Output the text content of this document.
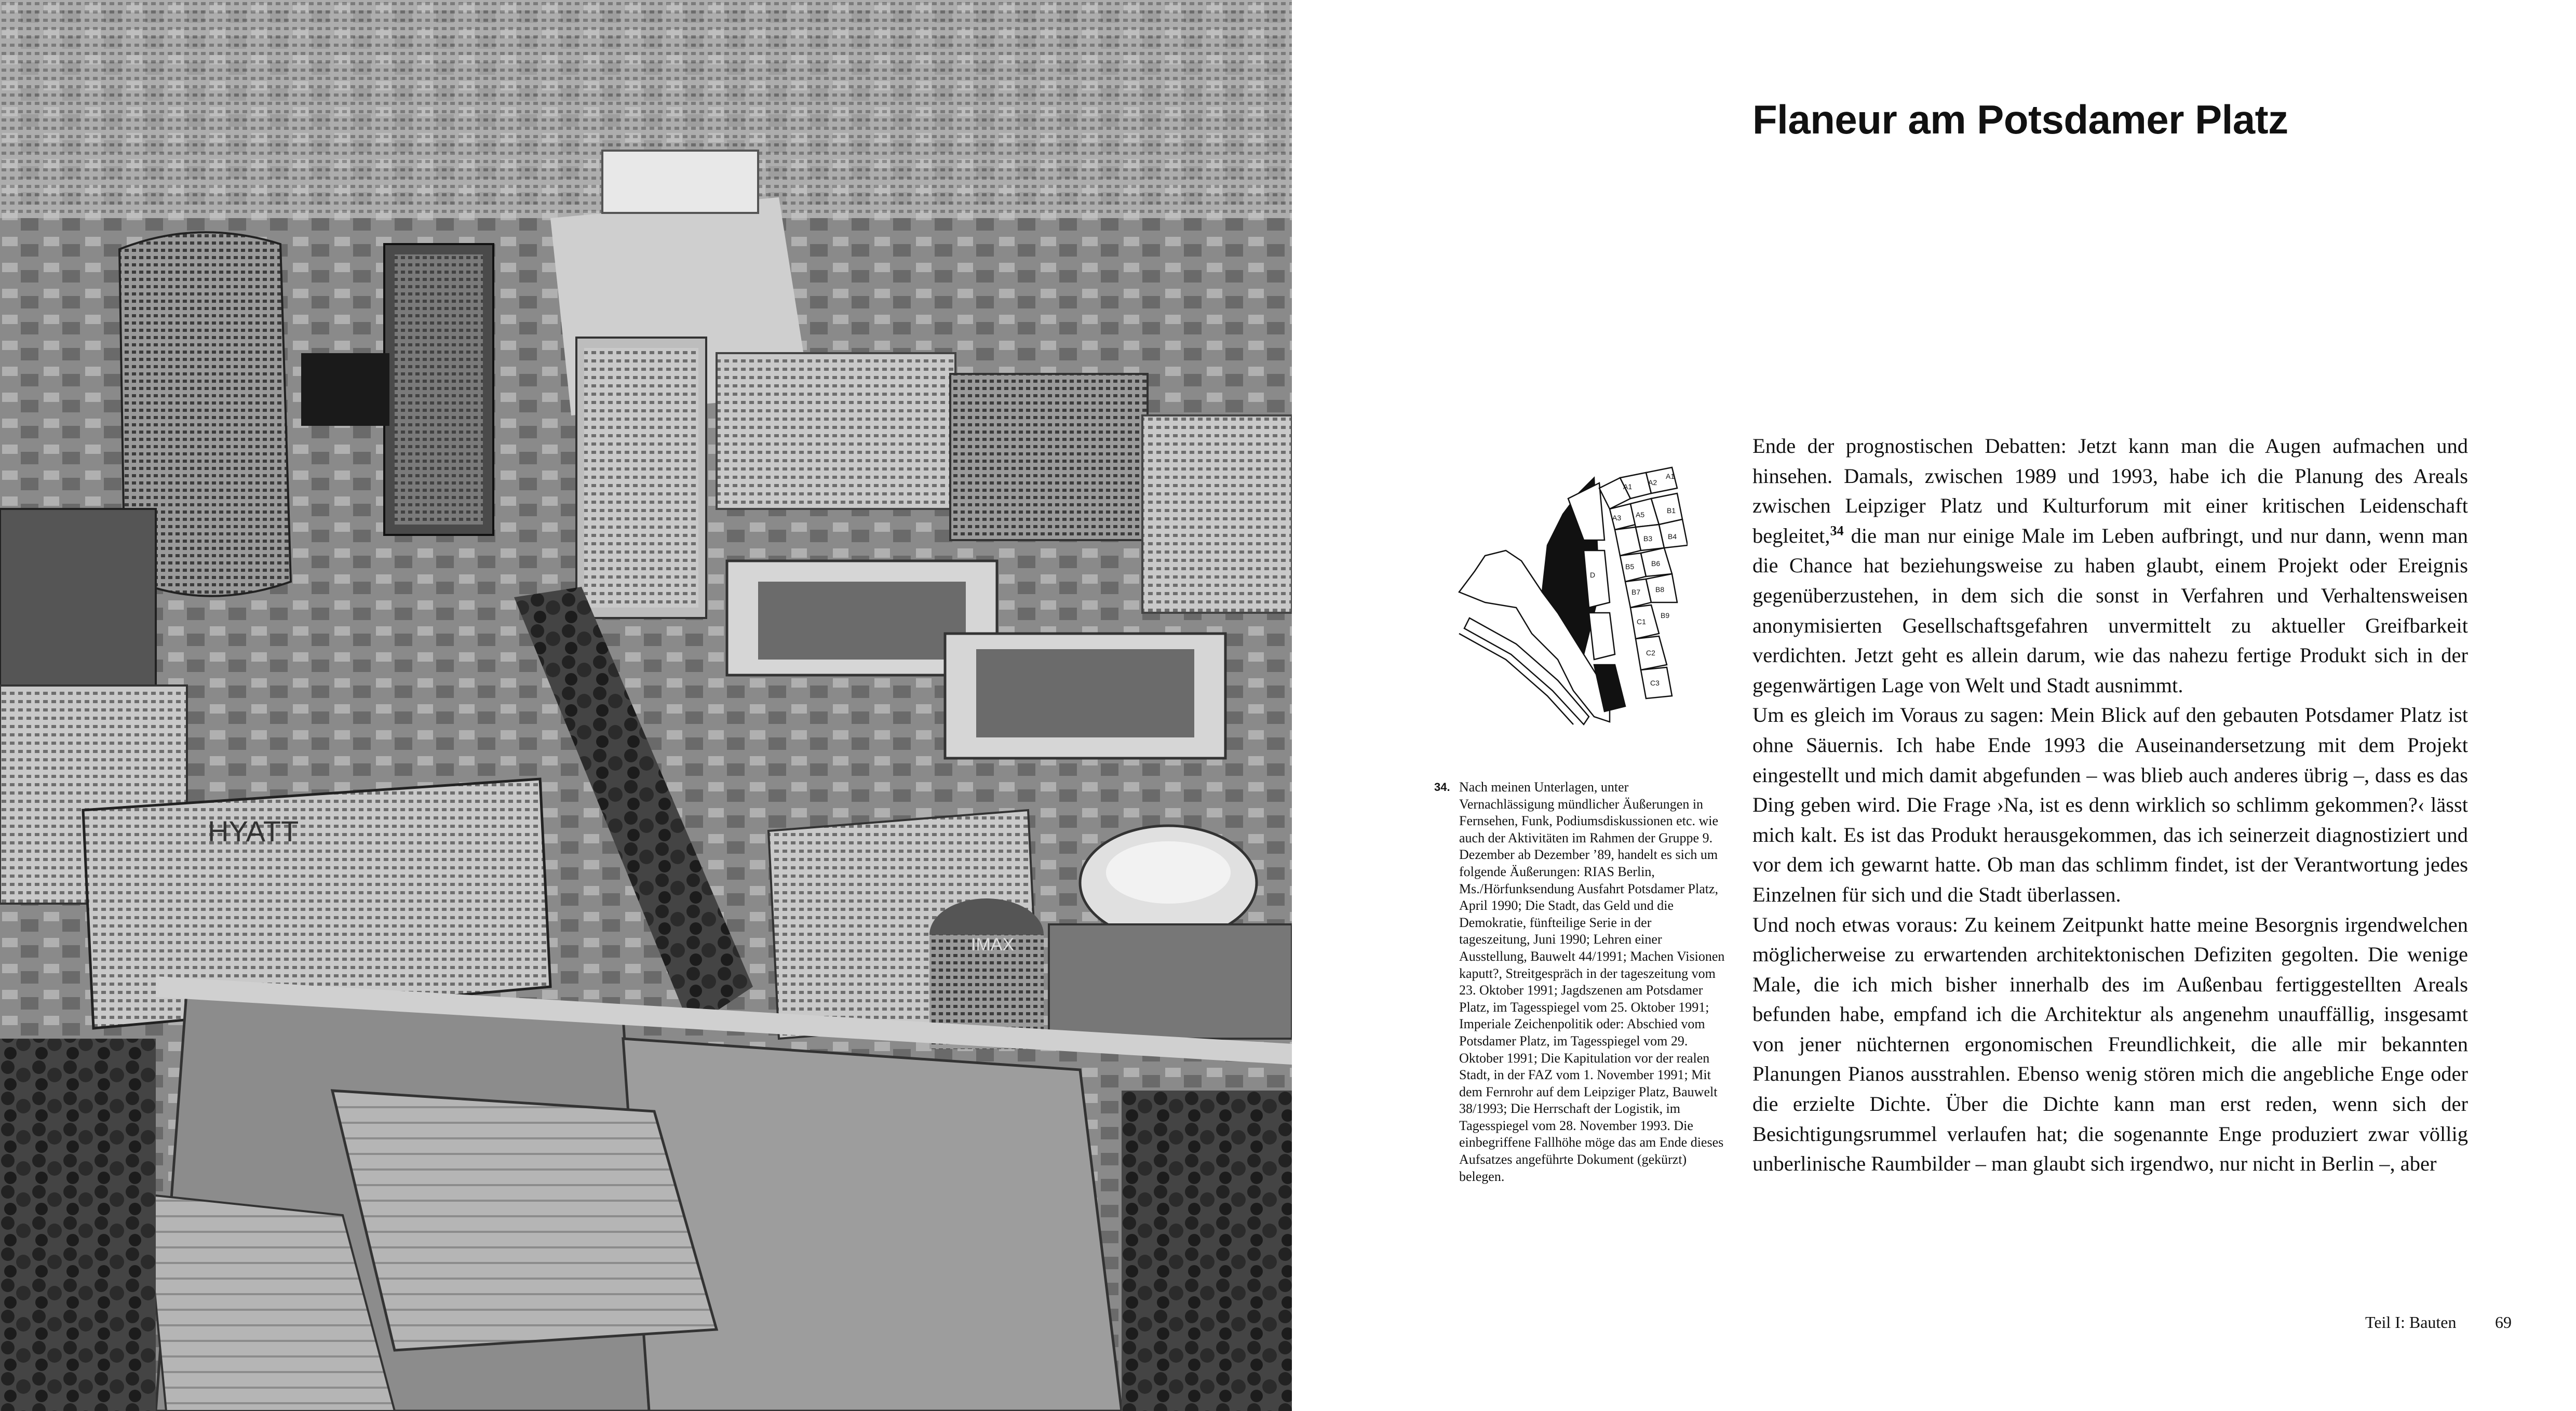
HYATT
IMAX
Flaneur am Potsdamer Platz
A1 A2
A1
A3 A5	B1
B3 B4
B5 B6
B7 B8
D
C1
B9
C2
C3
34. Nach meinen Unterlagen, unter Vernachlässigung mündlicher Äußerungen in Fernsehen, Funk, Podiumsdiskussionen etc. wie auch der Aktivitäten im Rahmen der Gruppe 9. Dezember ab Dezember ’89, handelt es sich um folgende Äußerungen: RIAS Berlin, Ms./Hörfunksendung Ausfahrt Potsdamer Platz, April 1990; Die Stadt, das Geld und die Demokratie, fünfteilige Serie in der tageszeitung, Juni 1990; Lehren einer Ausstellung, Bauwelt 44/1991; Machen Visionen kaputt?, Streitgespräch in der tageszeitung vom 23. Oktober 1991; Jagdszenen am Potsdamer Platz, im Tagesspiegel vom 25. Oktober 1991; Imperiale Zeichenpolitik oder: Abschied vom Potsdamer Platz, im Tagesspiegel vom 29. Oktober 1991; Die Kapitulation vor der realen Stadt, in der FAZ vom 1. November 1991; Mit dem Fernrohr auf dem Leipziger Platz, Bauwelt 38/1993; Die Herrschaft der Logistik, im Tagesspiegel vom 28. November 1993. Die einbegriffene Fallhöhe möge das am Ende dieses Aufsatzes angeführte Dokument (gekürzt) belegen.

Ende der prognostischen Debatten: Jetzt kann man die Augen aufmachen und hinsehen. Damals, zwischen 1989 und 1993, habe ich die Planung des Areals zwischen Leipziger Platz und Kulturforum mit einer kritischen Leidenschaft begleitet,$^{34}$ die man nur einige Male im Leben aufbringt, und nur dann, wenn man die Chance hat beziehungsweise zu haben glaubt, einem Projekt oder Ereignis gegenüberzustehen, in dem sich die sonst in Verfahren und Verhaltensweisen anonymisierten Gesellschaftsgefahren unvermittelt zu aktueller Greifbarkeit verdichten. Jetzt geht es allein darum, wie das nahezu fertige Produkt sich in der gegenwärtigen Lage von Welt und Stadt ausnimmt.

Um es gleich im Voraus zu sagen: Mein Blick auf den gebauten Potsdamer Platz ist ohne Säuernis. Ich habe Ende 1993 die Auseinandersetzung mit dem Projekt eingestellt und mich damit abgefunden – was blieb auch anderes übrig –, dass es das Ding geben wird. Die Frage ›Na, ist es denn wirklich so schlimm gekommen?‹ lässt mich kalt. Es ist das Produkt herausgekommen, das ich seinerzeit diagnostiziert und vor dem ich gewarnt hatte. Ob man das schlimm findet, ist der Verantwortung jedes Einzelnen für sich und die Stadt überlassen.

Und noch etwas voraus: Zu keinem Zeitpunkt hatte meine Besorgnis irgendwelchen möglicherweise zu erwartenden architektonischen Defiziten gegolten. Die wenige Male, die ich mich bisher innerhalb des im Außenbau fertiggestellten Areals befunden habe, empfand ich die Architektur als angenehm unauffällig, insgesamt von jener nüchternen ergonomischen Freundlichkeit, die alle mir bekannten Planungen Pianos ausstrahlen. Ebenso wenig stören mich die angebliche Enge oder die erzielte Dichte. Über die Dichte kann man erst reden, wenn sich der Besichtigungsrummel verlaufen hat; die sogenannte Enge produziert zwar völlig unberlinische Raumbilder – man glaubt sich irgendwo, nur nicht in Berlin –, aber

Teil I: Bauten 69
